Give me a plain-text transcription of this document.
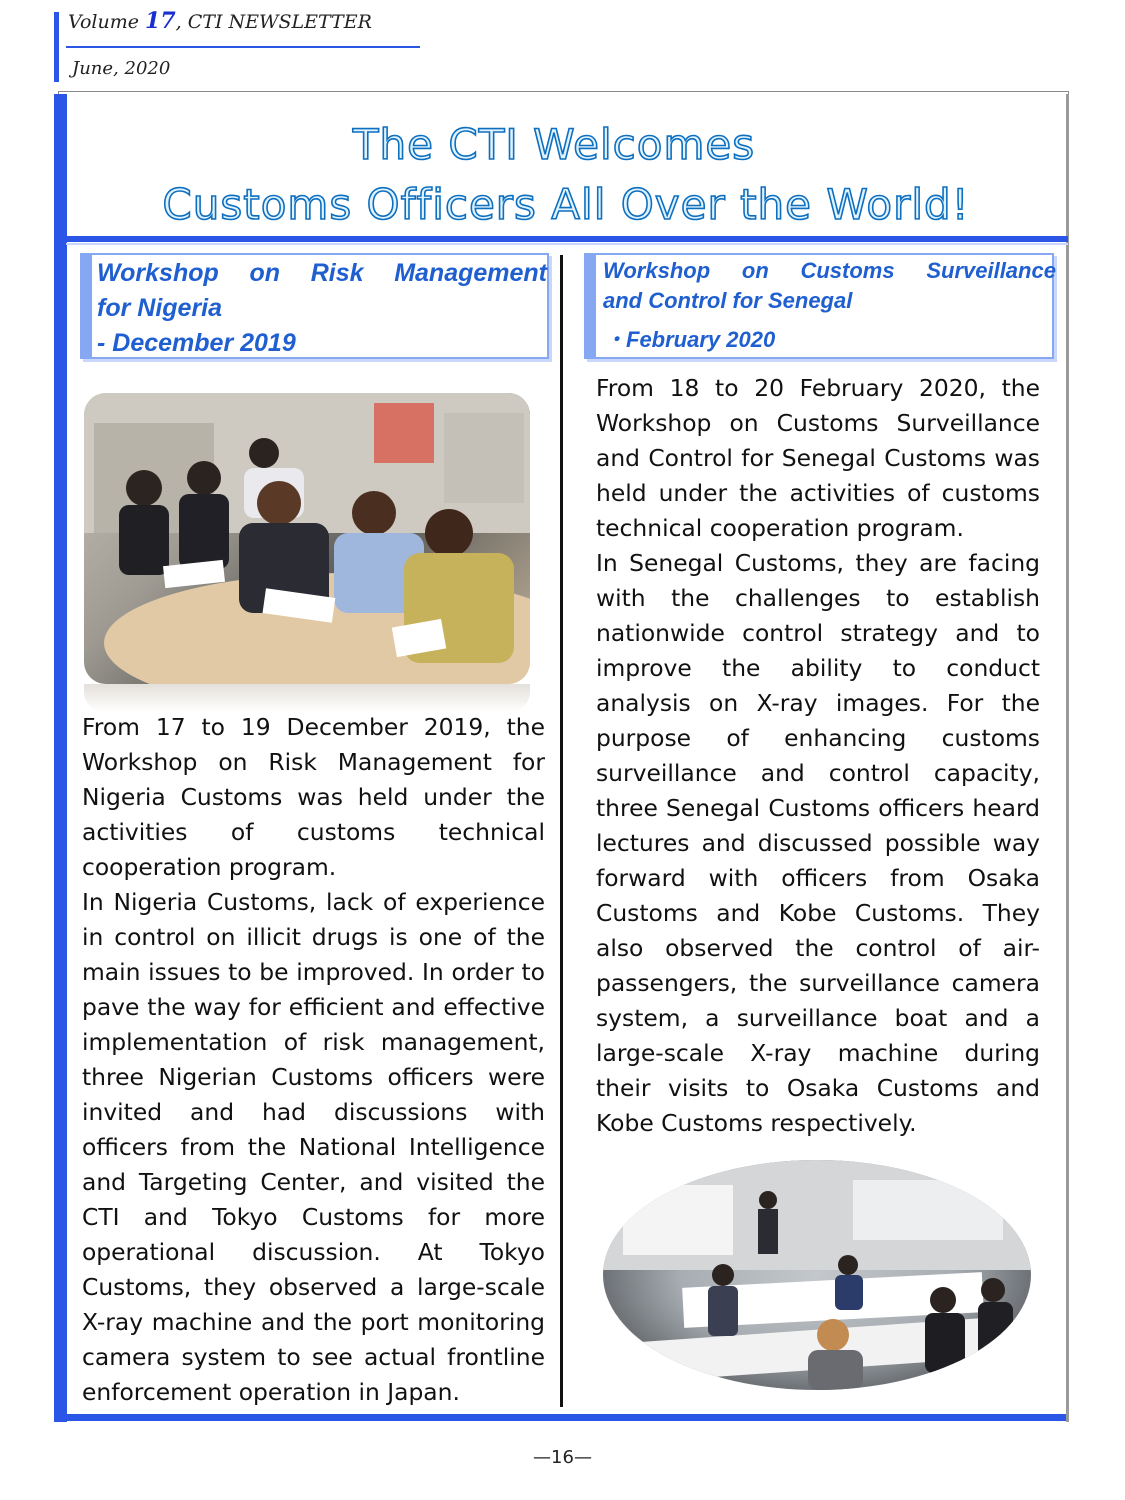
Volume 17, CTI NEWSLETTER
June, 2020
The CTI Welcomes
Customs Officers All Over the World!
Workshop on Risk Management
for Nigeria
- December 2019
Workshop on Customs Surveillance
and Control for Senegal
・February 2020

From 17 to 19 December 2019, the Workshop on Risk Management for Nigeria Customs was held under the activities of customs technical cooperation program.

In Nigeria Customs, lack of experience in control on illicit drugs is one of the main issues to be improved. In order to pave the way for efficient and effective implementation of risk management, three Nigerian Customs officers were invited and had discussions with officers from the National Intelligence and Targeting Center, and visited the CTI and Tokyo Customs for more operational discussion. At Tokyo Customs, they observed a large-scale X-ray machine and the port monitoring camera system to see actual frontline enforcement operation in Japan.

From 18 to 20 February 2020, the Workshop on Customs Surveillance and Control for Senegal Customs was held under the activities of customs technical cooperation program.

In Senegal Customs, they are facing with the challenges to establish nationwide control strategy and to improve the ability to conduct analysis on X-ray images. For the purpose of enhancing customs surveillance and control capacity, three Senegal Customs officers heard lectures and discussed possible way forward with officers from Osaka Customs and Kobe Customs. They also observed the control of air-passengers, the surveillance camera system, a surveillance boat and a large-scale X-ray machine during their visits to Osaka Customs and Kobe Customs respectively.

—16—
